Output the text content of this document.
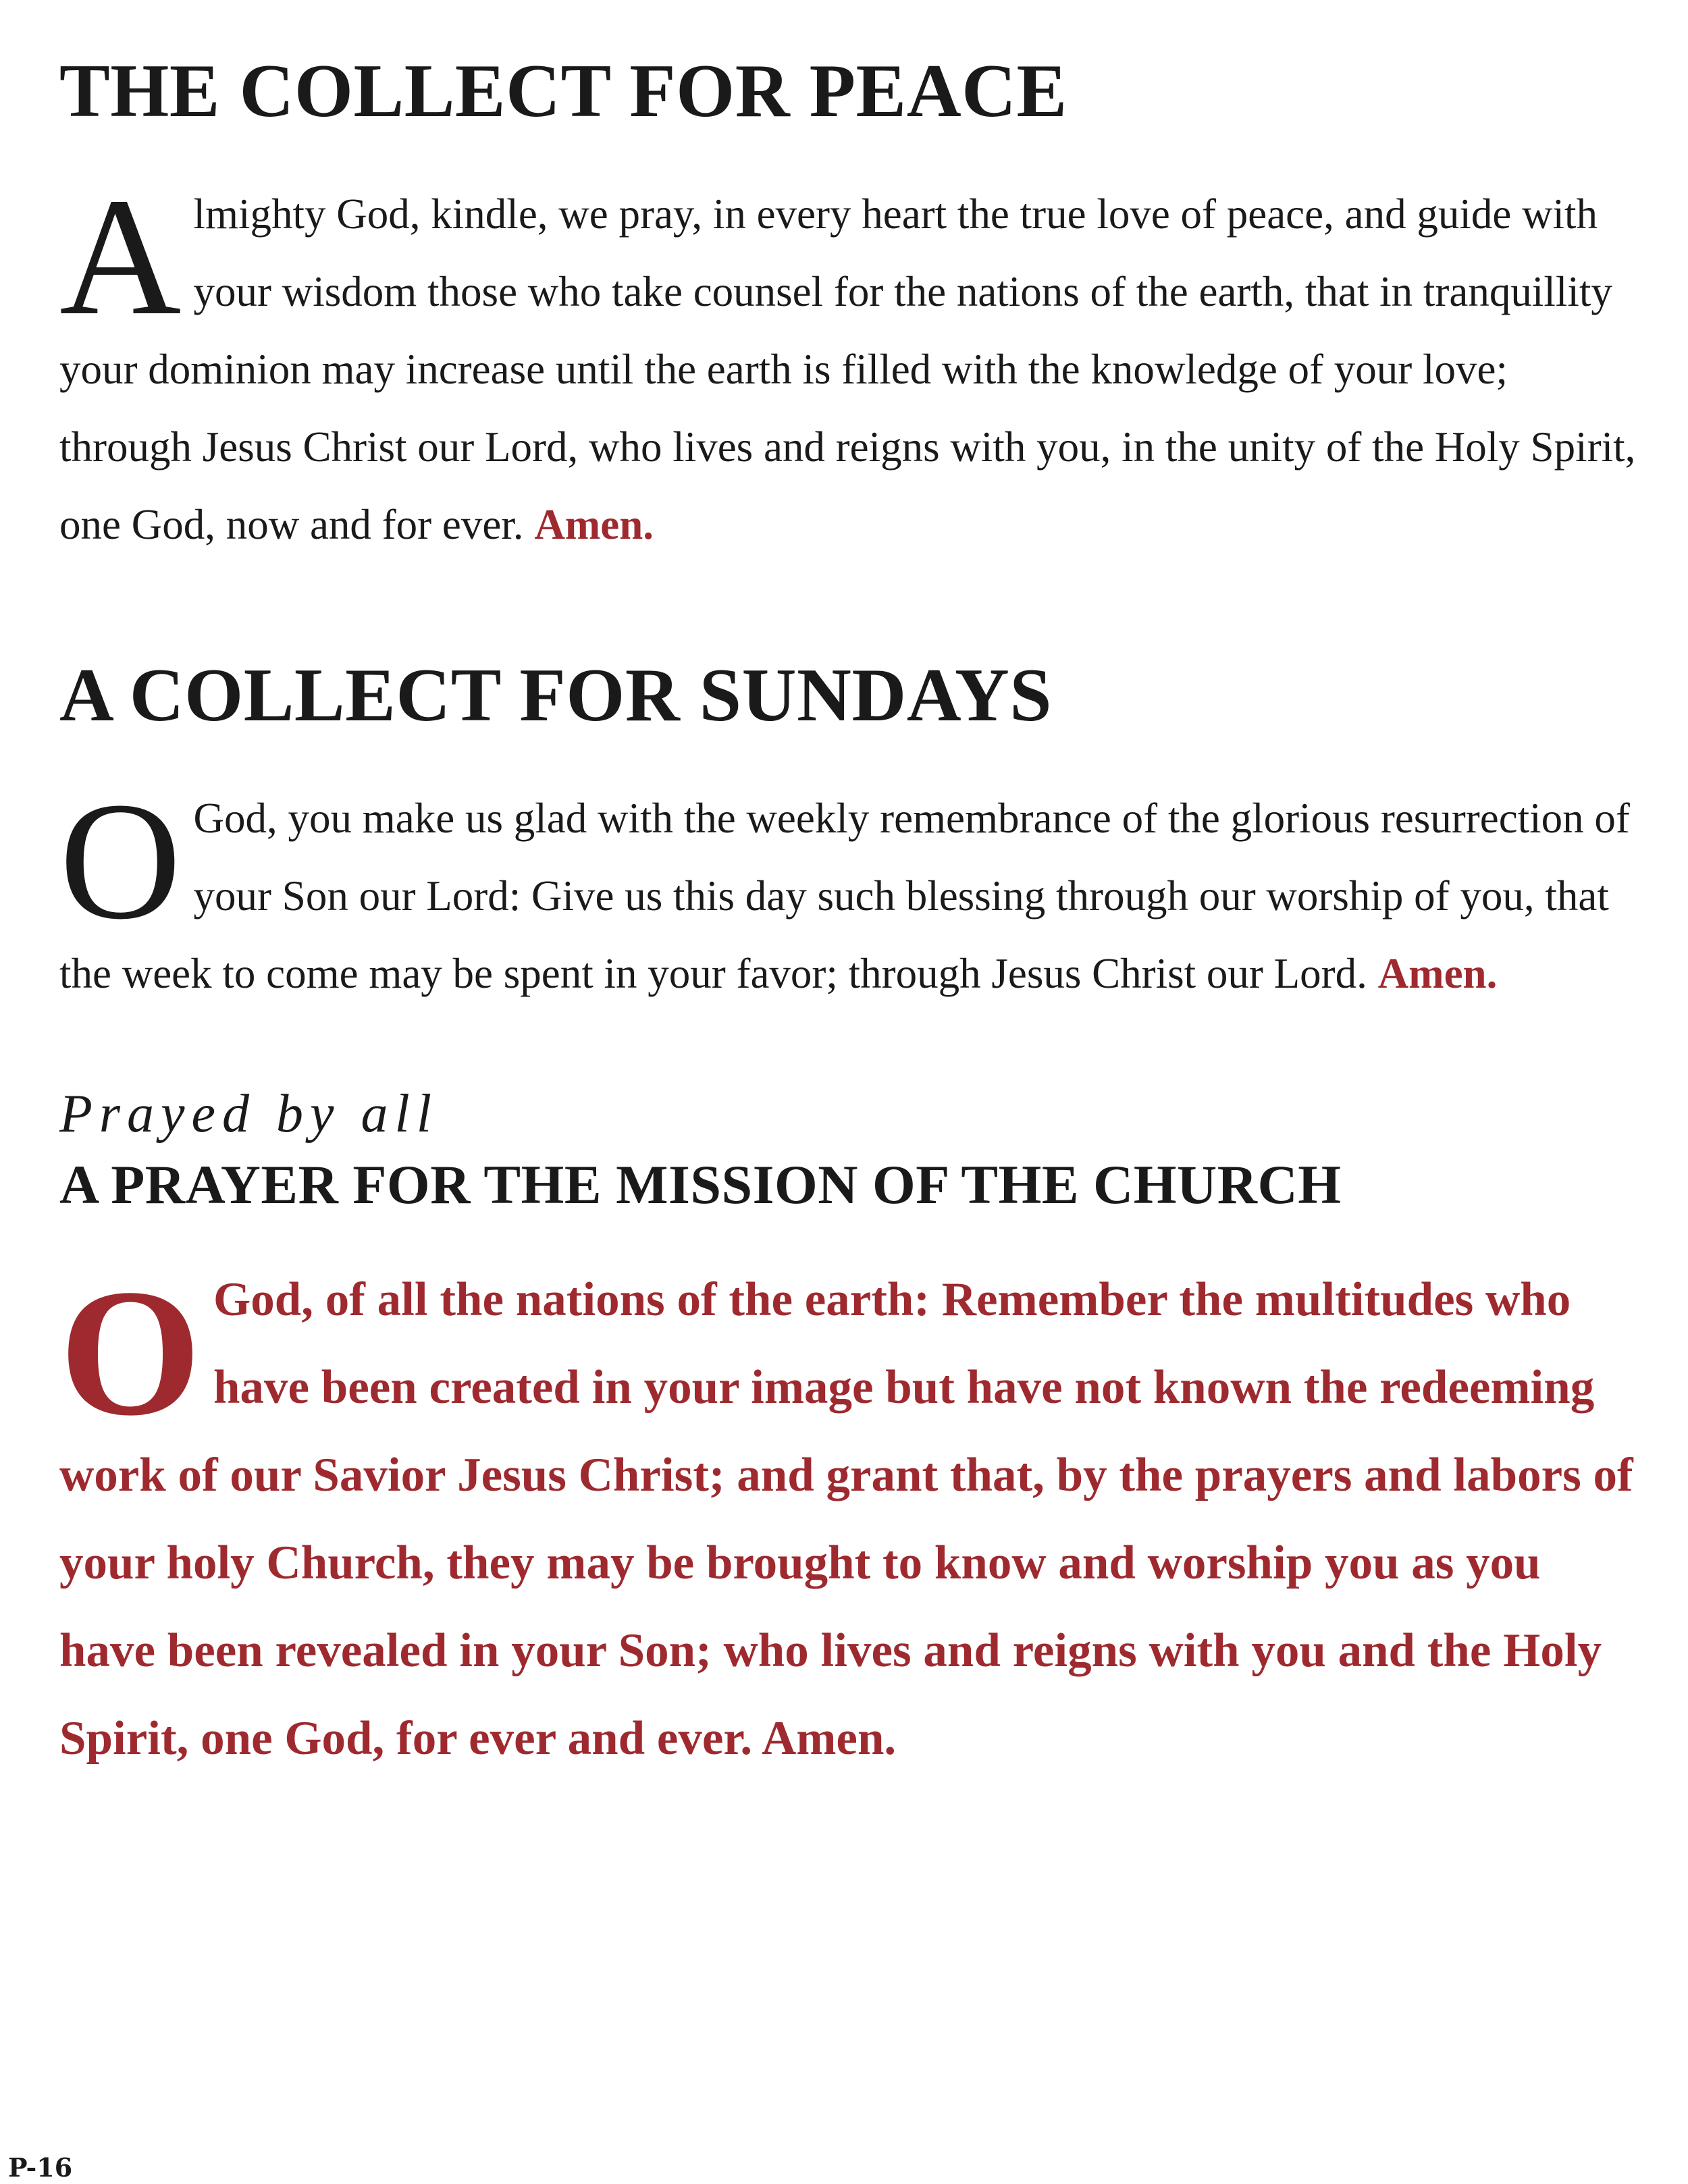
THE COLLECT FOR PEACE

Almighty God, kindle, we pray, in every heart the true love of peace, and guide with your wisdom those who take counsel for the nations of the earth, that in tranquillity your dominion may increase until the earth is filled with the knowledge of your love; through Jesus Christ our Lord, who lives and reigns with you, in the unity of the Holy Spirit, one God, now and for ever. Amen.

A COLLECT FOR SUNDAYS

O God, you make us glad with the weekly remembrance of the glorious resurrection of your Son our Lord: Give us this day such blessing through our worship of you, that the week to come may be spent in your favor; through Jesus Christ our Lord. Amen.

Prayed by all

A PRAYER FOR THE MISSION OF THE CHURCH

O God, of all the nations of the earth: Remember the multitudes who have been created in your image but have not known the redeeming work of our Savior Jesus Christ; and grant that, by the prayers and labors of your holy Church, they may be brought to know and worship you as you have been revealed in your Son; who lives and reigns with you and the Holy Spirit, one God, for ever and ever. Amen.

P-16
